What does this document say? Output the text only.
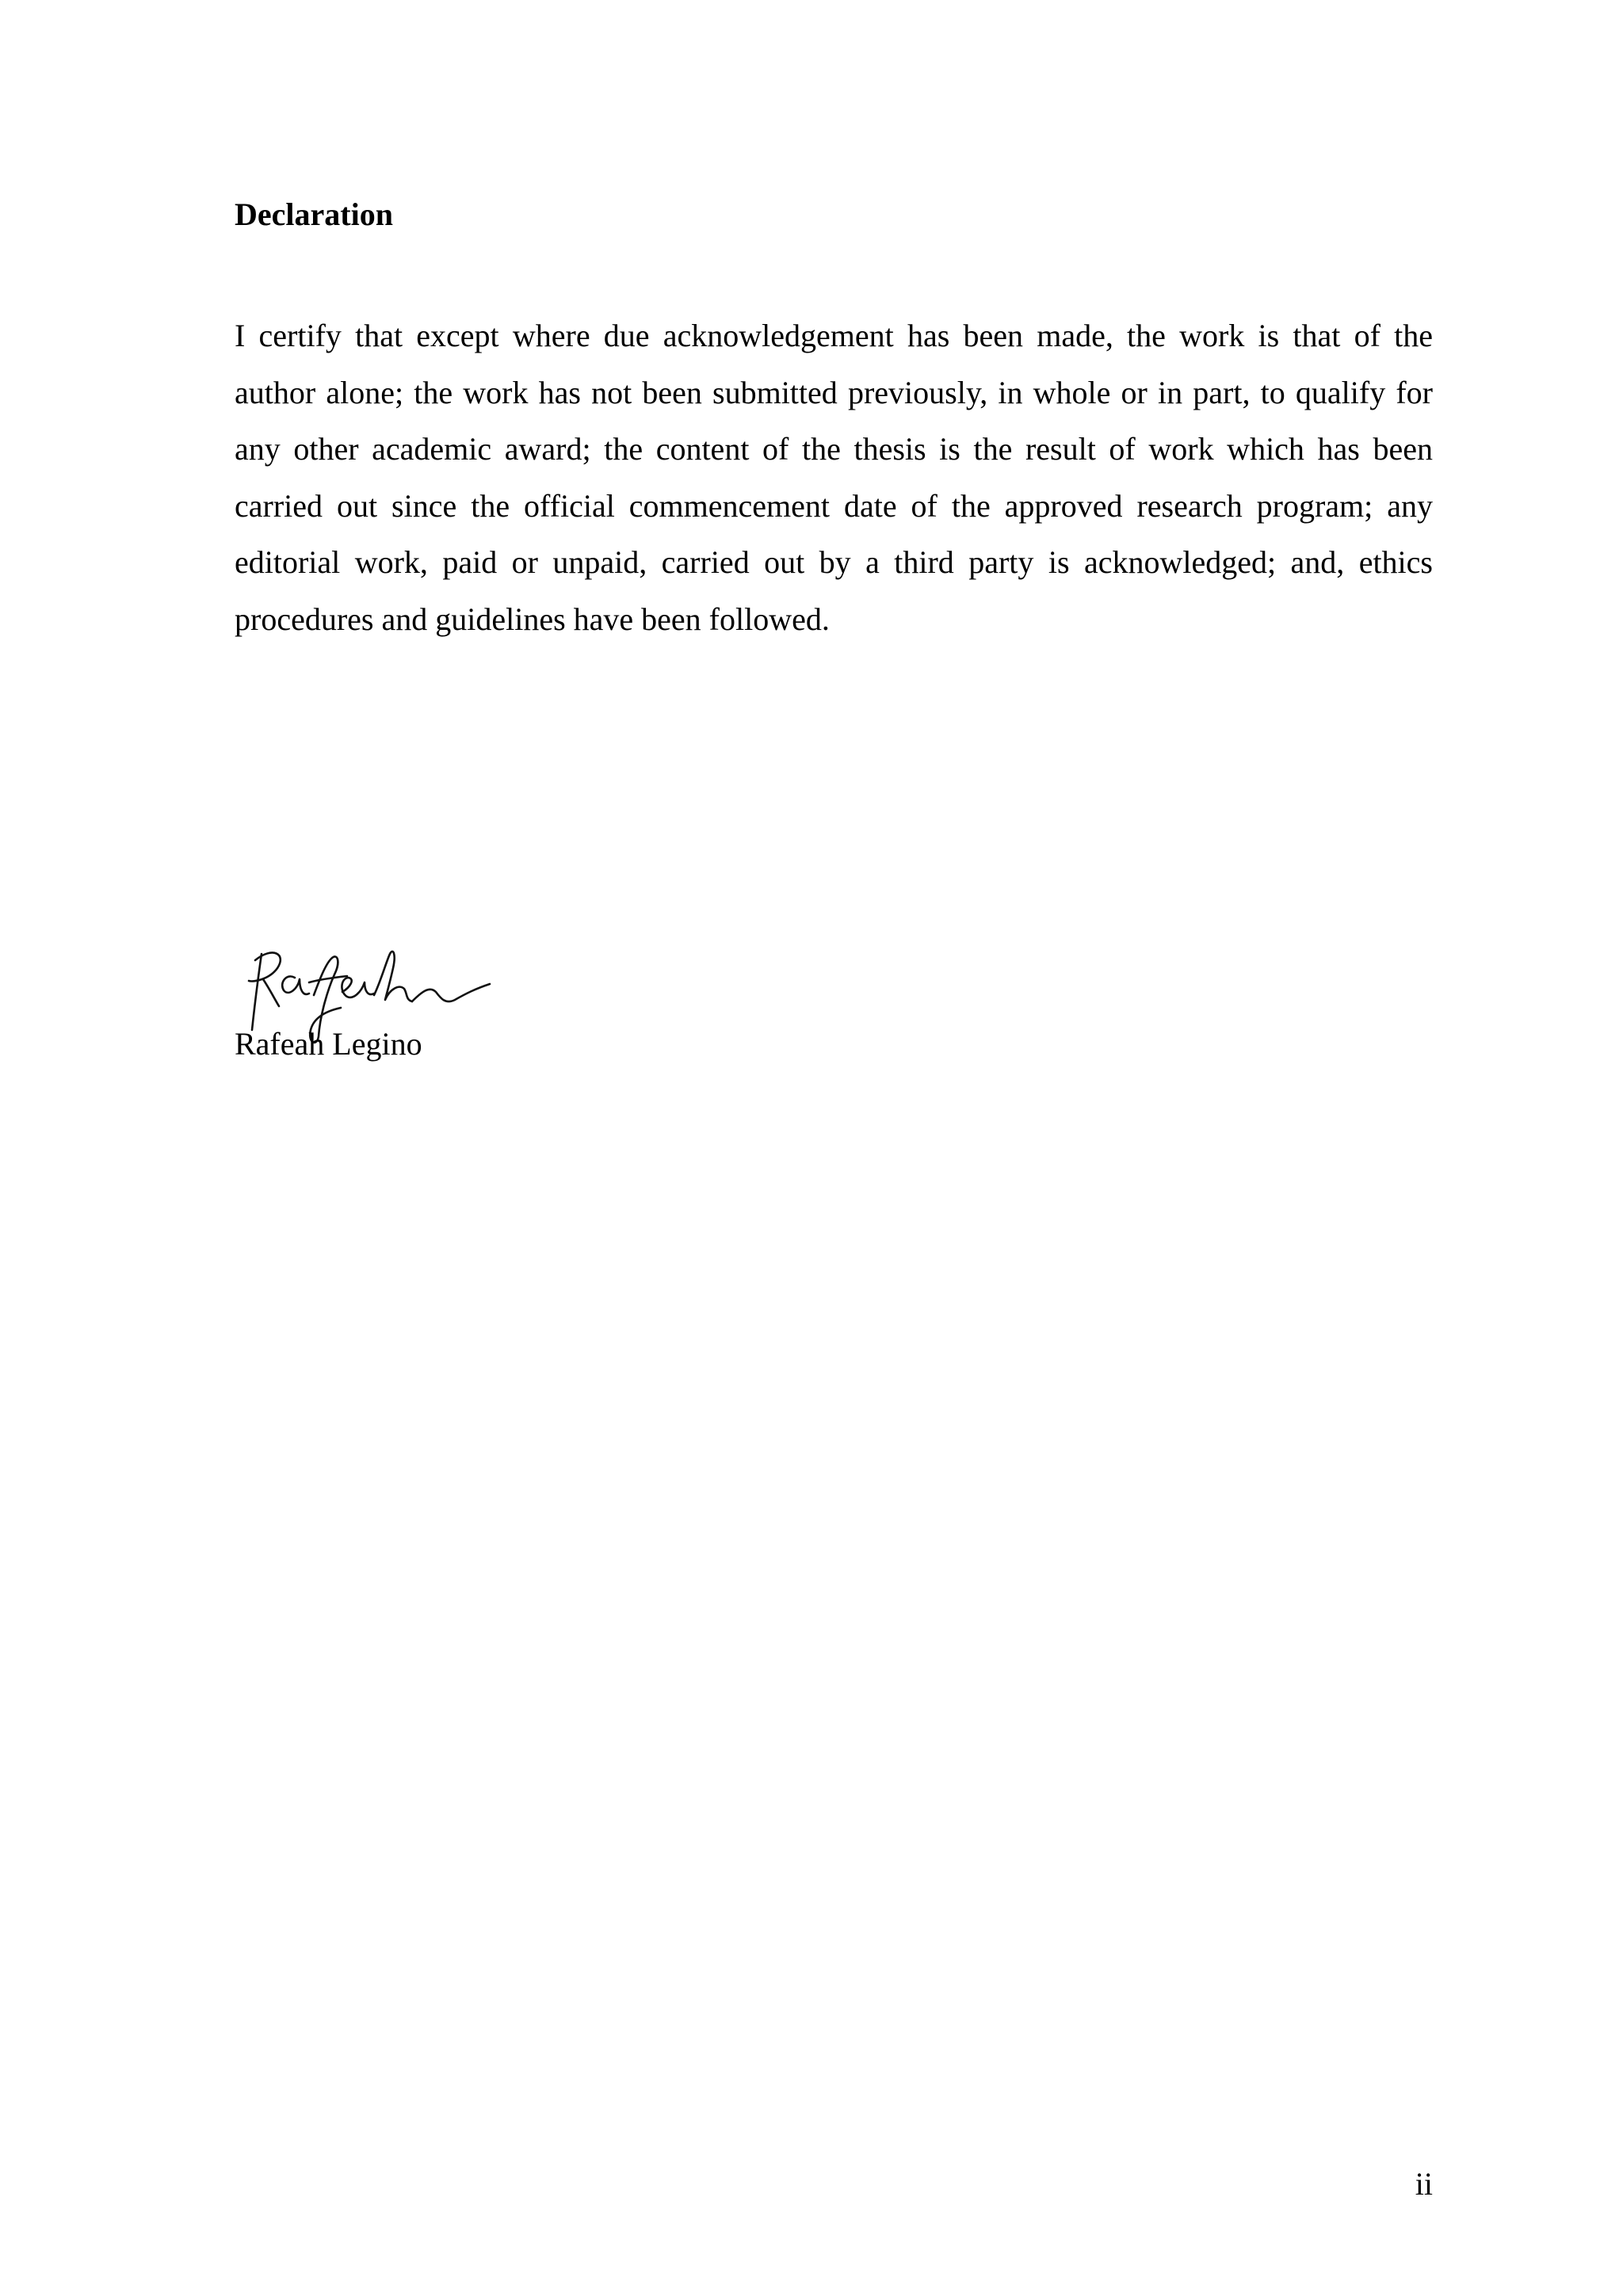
Declaration

I certify that except where due acknowledgement has been made, the work is that of the author alone; the work has not been submitted previously, in whole or in part, to qualify for any other academic award; the content of the thesis is the result of work which has been carried out since the official commencement date of the approved research program; any editorial work, paid or unpaid, carried out by a third party is acknowledged; and, ethics procedures and guidelines have been followed.

Rafeah Legino

ii
